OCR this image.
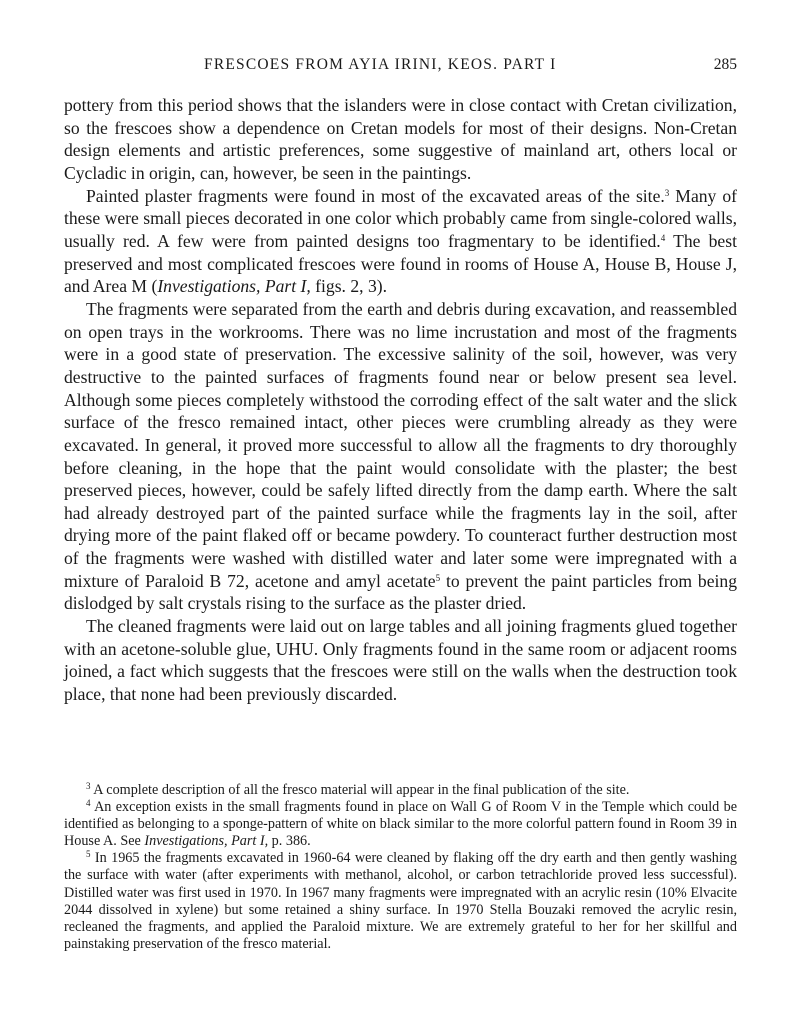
FRESCOES FROM AYIA IRINI, KEOS. PART I	285

pottery from this period shows that the islanders were in close contact with Cretan civilization, so the frescoes show a dependence on Cretan models for most of their designs. Non-Cretan design elements and artistic preferences, some suggestive of mainland art, others local or Cycladic in origin, can, however, be seen in the paintings.

Painted plaster fragments were found in most of the excavated areas of the site.$^3$ Many of these were small pieces decorated in one color which probably came from single-colored walls, usually red. A few were from painted designs too fragmentary to be identified.$^4$ The best preserved and most complicated frescoes were found in rooms of House A, House B, House J, and Area M (Investigations, Part I, figs. 2, 3).

The fragments were separated from the earth and debris during excavation, and reassembled on open trays in the workrooms. There was no lime incrustation and most of the fragments were in a good state of preservation. The excessive salinity of the soil, however, was very destructive to the painted surfaces of fragments found near or below present sea level. Although some pieces completely withstood the corroding effect of the salt water and the slick surface of the fresco remained intact, other pieces were crumbling already as they were excavated. In general, it proved more successful to allow all the fragments to dry thoroughly before cleaning, in the hope that the paint would consolidate with the plaster; the best preserved pieces, however, could be safely lifted directly from the damp earth. Where the salt had already destroyed part of the painted surface while the fragments lay in the soil, after drying more of the paint flaked off or became powdery. To counteract further destruction most of the fragments were washed with distilled water and later some were impregnated with a mixture of Paraloid B 72, acetone and amyl acetate$^5$ to prevent the paint particles from being dislodged by salt crystals rising to the surface as the plaster dried.

The cleaned fragments were laid out on large tables and all joining fragments glued together with an acetone-soluble glue, UHU. Only fragments found in the same room or adjacent rooms joined, a fact which suggests that the frescoes were still on the walls when the destruction took place, that none had been previously discarded.

$^3$ A complete description of all the fresco material will appear in the final publication of the site.

$^4$ An exception exists in the small fragments found in place on Wall G of Room V in the Temple which could be identified as belonging to a sponge-pattern of white on black similar to the more colorful pattern found in Room 39 in House A. See Investigations, Part I, p. 386.

$^5$ In 1965 the fragments excavated in 1960-64 were cleaned by flaking off the dry earth and then gently washing the surface with water (after experiments with methanol, alcohol, or carbon tetrachloride proved less successful). Distilled water was first used in 1970. In 1967 many fragments were impregnated with an acrylic resin (10% Elvacite 2044 dissolved in xylene) but some retained a shiny surface. In 1970 Stella Bouzaki removed the acrylic resin, recleaned the fragments, and applied the Paraloid mixture. We are extremely grateful to her for her skillful and painstaking preservation of the fresco material.
